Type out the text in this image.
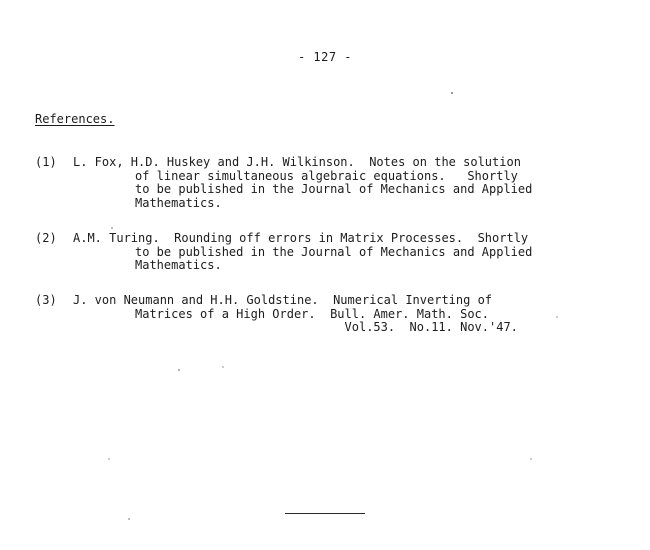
- 127 -
References.
(1) L. Fox, H.D. Huskey and J.H. Wilkinson.  Notes on the solution
of linear simultaneous algebraic equations.   Shortly
to be published in the Journal of Mechanics and Applied
Mathematics.
(2) A.M. Turing.  Rounding off errors in Matrix Processes.  Shortly
to be published in the Journal of Mechanics and Applied
Mathematics.
(3) J. von Neumann and H.H. Goldstine.  Numerical Inverting of
Matrices of a High Order.  Bull. Amer. Math. Soc.
Vol.53.  No.11. Nov.'47.
